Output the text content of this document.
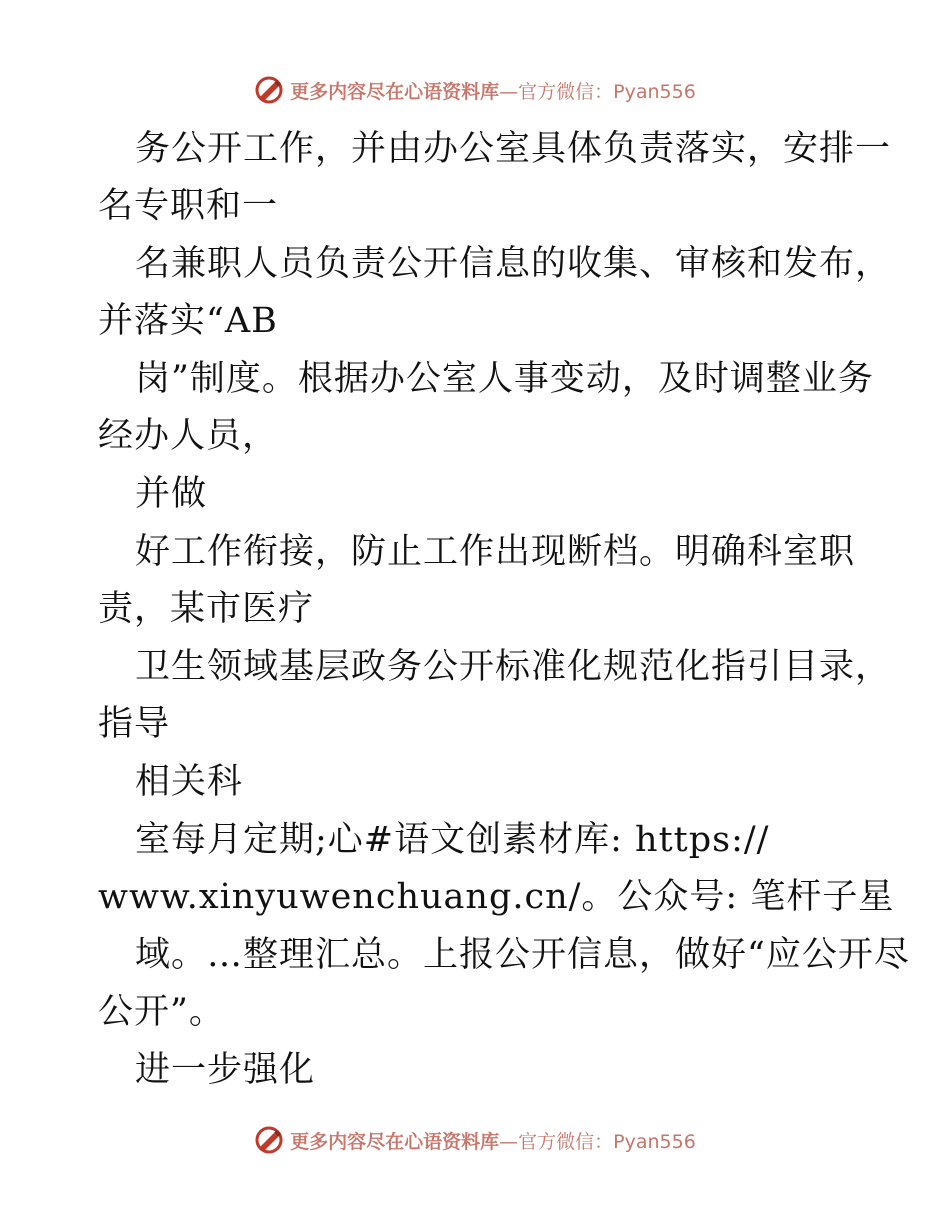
更多内容尽在心语资料库 —官方微信：Pyan556
务公开工作，并由办公室具体负责落实，安排一
名专职和一
名兼职人员负责公开信息的收集、审核和发布，
并落实“AB
岗”制度。根据办公室人事变动，及时调整业务
经办人员，
并做
好工作衔接，防止工作出现断档。明确科室职
责，某市医疗
卫生领域基层政务公开标准化规范化指引目录，
指导
相关科
室每月定期;心#语文创素材库: https://
www.xinyuwenchuang.cn/。公众号: 笔杆子星
域。…整理汇总。上报公开信息，做好“应公开尽
公开”。
进一步强化
更多内容尽在心语资料库 —官方微信：Pyan556
